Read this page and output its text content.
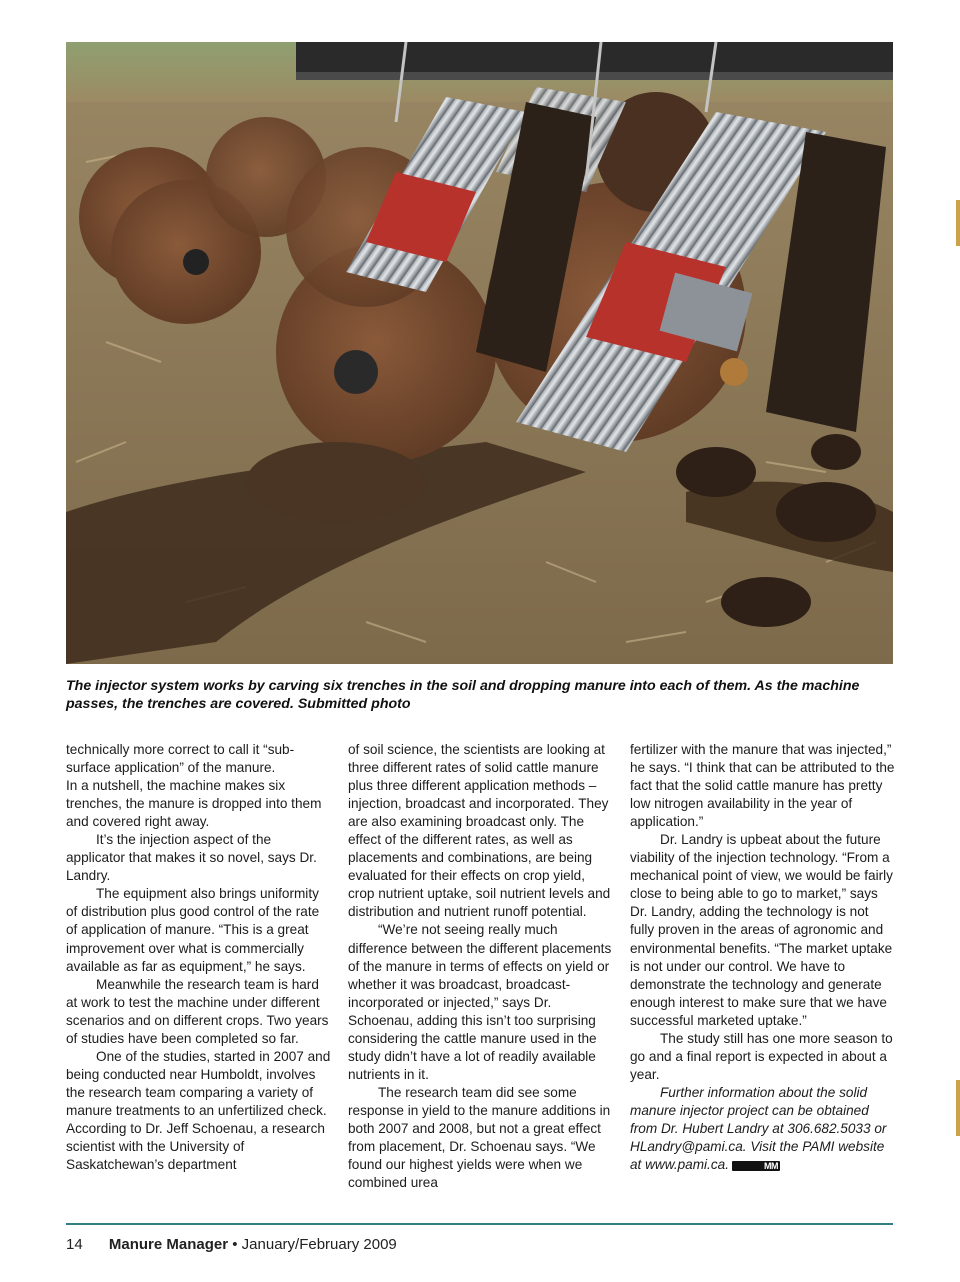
The injector system works by carving six trenches in the soil and dropping manure into each of them. As the machine passes, the trenches are covered. Submitted photo

technically more correct to call it “sub-surface application” of the manure.

In a nutshell, the machine makes six trenches, the manure is dropped into them and covered right away.

It’s the injection aspect of the applicator that makes it so novel, says Dr. Landry.

The equipment also brings uniformity of distribution plus good control of the rate of application of manure. “This is a great improvement over what is commercially available as far as equipment,” he says.

Meanwhile the research team is hard at work to test the machine under different scenarios and on different crops. Two years of studies have been completed so far.

One of the studies, started in 2007 and being conducted near Humboldt, involves the research team comparing a variety of manure treatments to an unfertilized check. According to Dr. Jeff Schoenau, a research scientist with the University of Saskatchewan’s department

of soil science, the scientists are looking at three different rates of solid cattle manure plus three different application methods – injection, broadcast and incorporated. They are also examining broadcast only. The effect of the different rates, as well as placements and combinations, are being evaluated for their effects on crop yield, crop nutrient uptake, soil nutrient levels and distribution and nutrient runoff potential.

“We’re not seeing really much difference between the different placements of the manure in terms of effects on yield or whether it was broadcast, broadcast-incorporated or injected,” says Dr. Schoenau, adding this isn’t too surprising considering the cattle manure used in the study didn’t have a lot of readily available nutrients in it.

The research team did see some response in yield to the manure additions in both 2007 and 2008, but not a great effect from placement, Dr. Schoenau says. “We found our highest yields were when we combined urea

fertilizer with the manure that was injected,” he says. “I think that can be attributed to the fact that the solid cattle manure has pretty low nitrogen availability in the year of application.”

Dr. Landry is upbeat about the future viability of the injection technology. “From a mechanical point of view, we would be fairly close to being able to go to market,” says Dr. Landry, adding the technology is not fully proven in the areas of agronomic and environmental benefits. “The market uptake is not under our control. We have to demonstrate the technology and generate enough interest to make sure that we have successful marketed uptake.”

The study still has one more season to go and a final report is expected in about a year.

Further information about the solid manure injector project can be obtained from Dr. Hubert Landry at 306.682.5033 or HLandry@pami.ca. Visit the PAMI website at www.pami.ca.	MM

14 Manure Manager • January/February 2009
